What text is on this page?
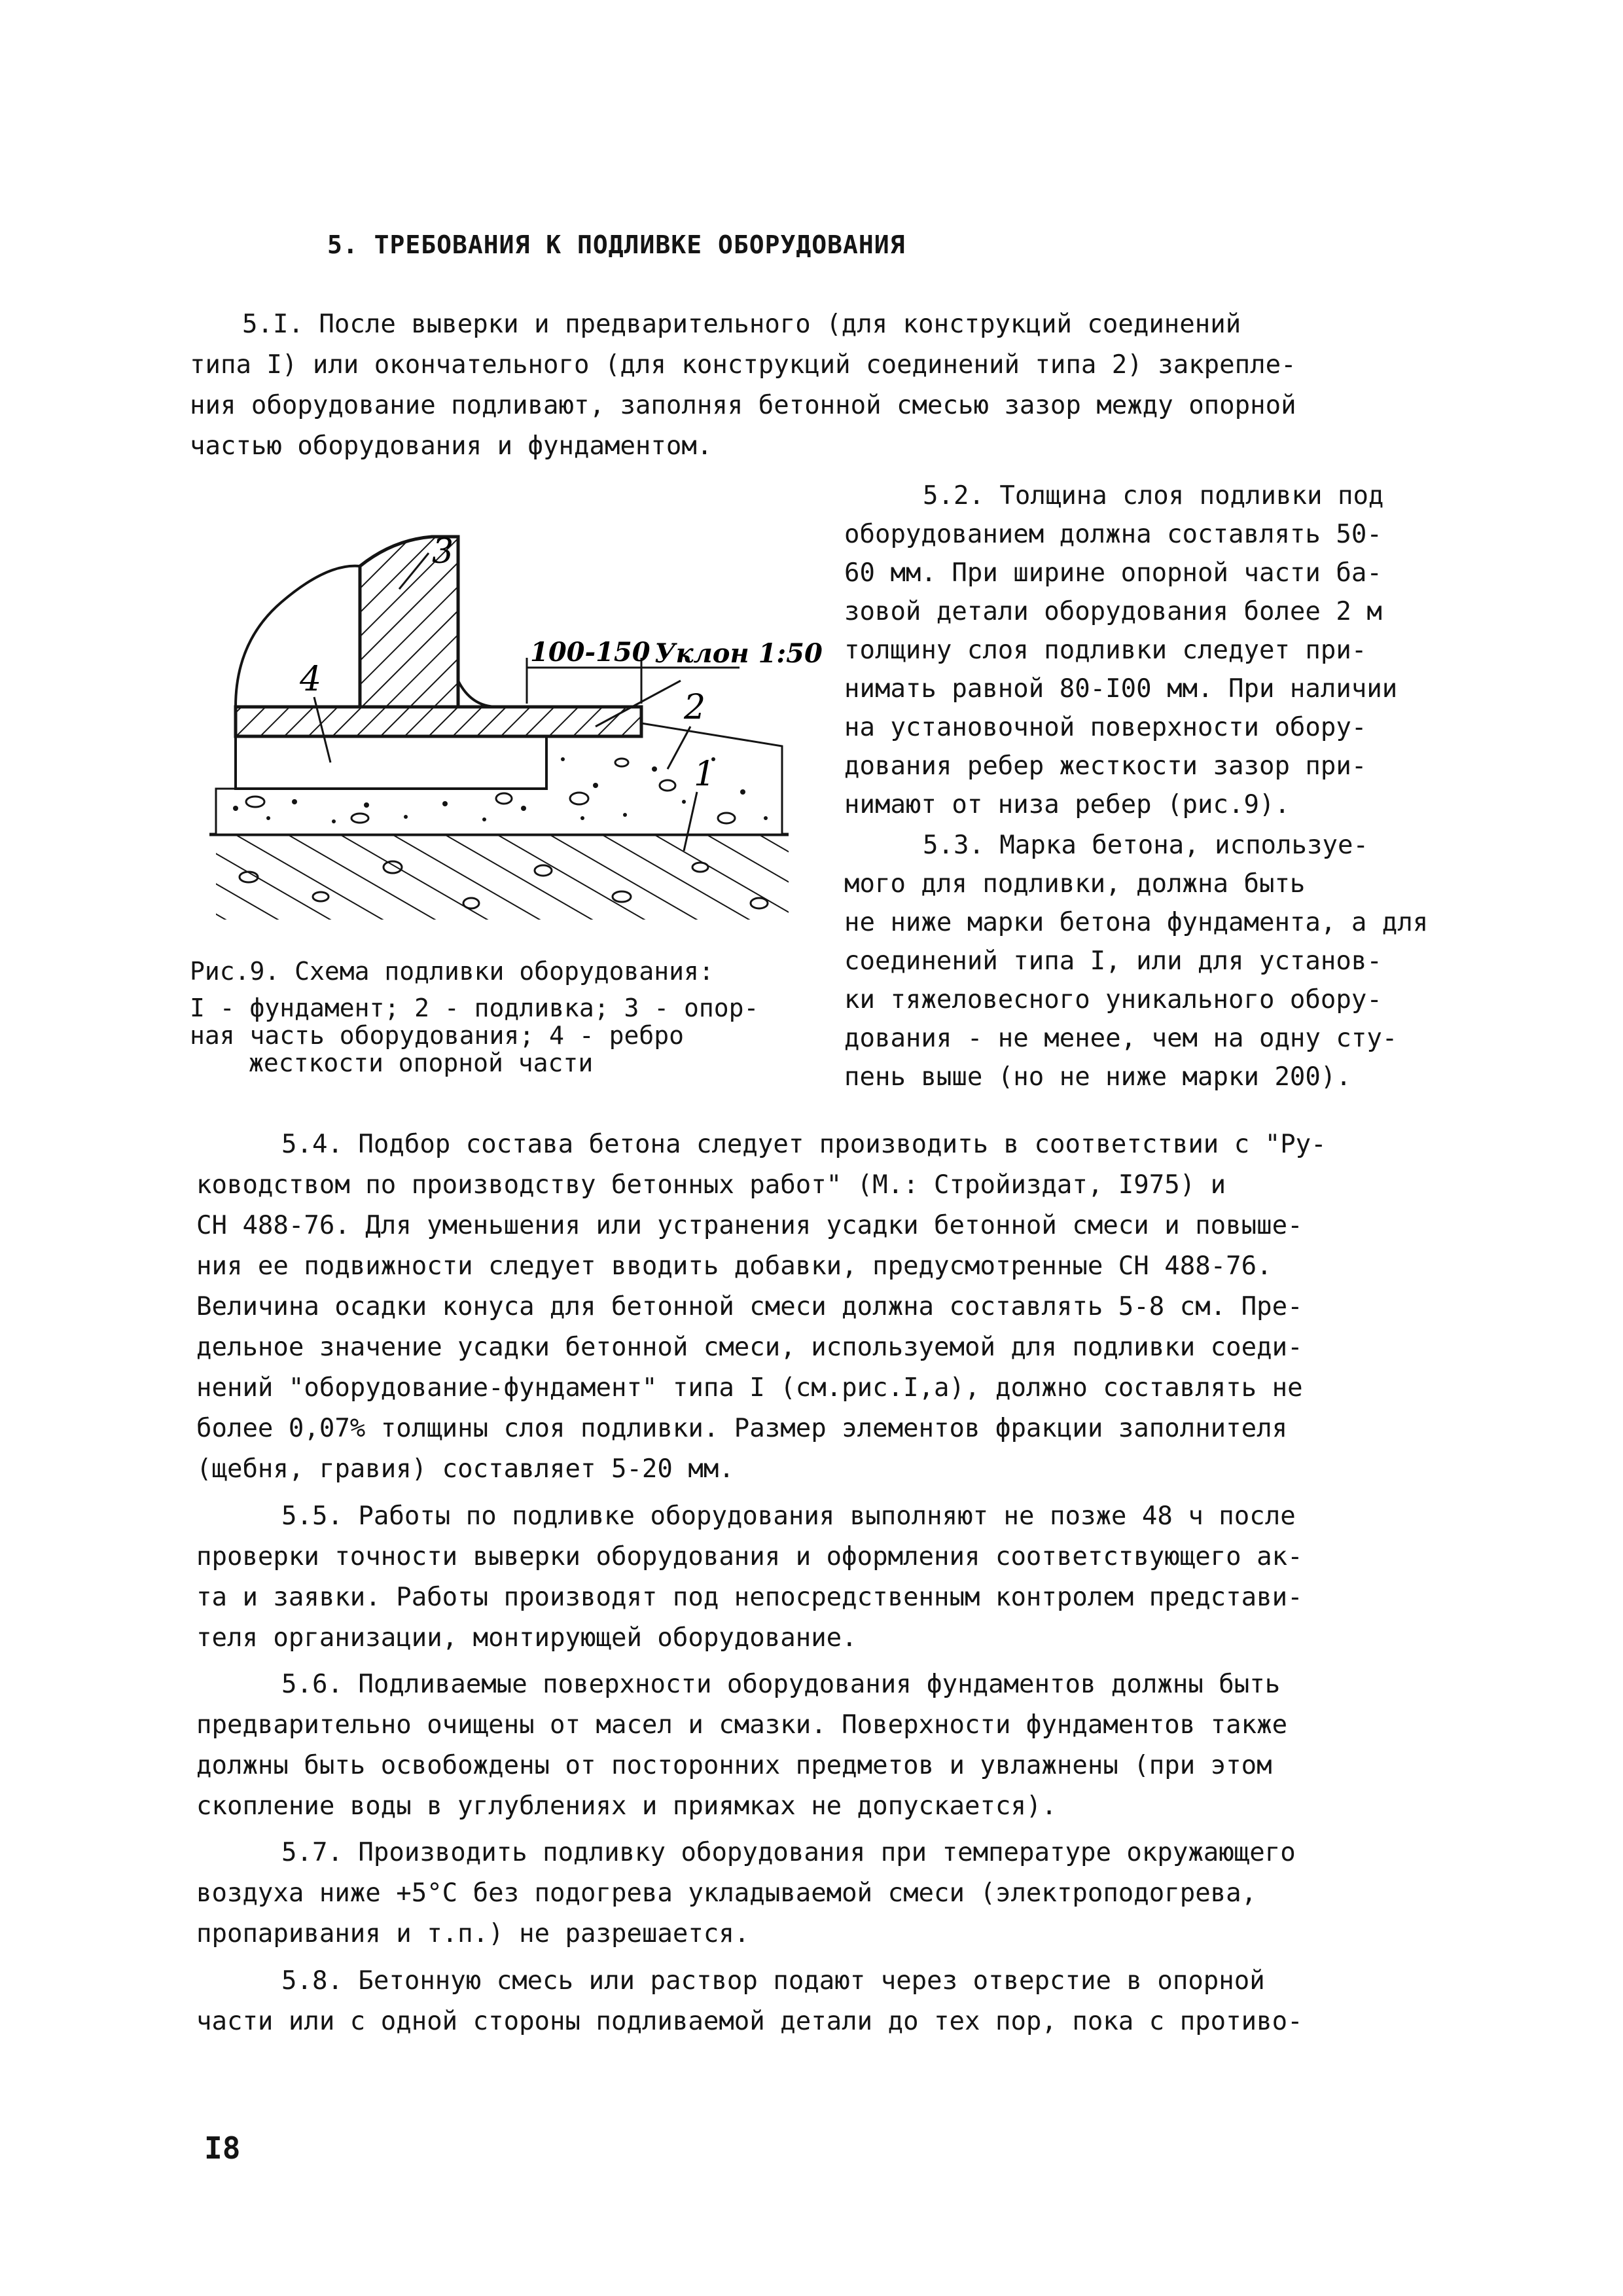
5. ТРЕБОВАНИЯ К ПОДЛИВКЕ ОБОРУДОВАНИЯ
5.I. После выверки и предварительного (для конструкций соединений
типа I) или окончательного (для конструкций соединений типа 2) закрепле-
ния оборудование подливают, заполняя бетонной смесью зазор между опорной
частью оборудования и фундаментом.
5.2. Толщина слоя подливки под
оборудованием должна составлять 50-
60 мм. При ширине опорной части ба-
зовой детали оборудования более 2 м
толщину слоя подливки следует при-
нимать равной 80-I00 мм. При наличии
на установочной поверхности обору-
дования ребер жесткости зазор при-
нимают от низа ребер (рис.9).
5.3. Марка бетона, используе-
мого для подливки, должна быть
не ниже марки бетона фундамента, а для
соединений типа I, или для установ-
ки тяжеловесного уникального обору-
дования - не менее, чем на одну сту-
пень выше (но не ниже марки 200).
100-150 Уклон 1:50
3
4
2
1
Рис.9. Схема подливки оборудования:
I - фундамент; 2 - подливка; 3 - опор-
ная часть оборудования; 4 - ребро
жесткости опорной части
5.4. Подбор состава бетона следует производить в соответствии с "Ру-
ководством по производству бетонных работ" (М.: Стройиздат, I975) и
СН 488-76. Для уменьшения или устранения усадки бетонной смеси и повыше-
ния ее подвижности следует вводить добавки, предусмотренные СН 488-76.
Величина осадки конуса для бетонной смеси должна составлять 5-8 см. Пре-
дельное значение усадки бетонной смеси, используемой для подливки соеди-
нений "оборудование-фундамент" типа I (см.рис.I,а), должно составлять не
более 0,07% толщины слоя подливки. Размер элементов фракции заполнителя
(щебня, гравия) составляет 5-20 мм.
5.5. Работы по подливке оборудования выполняют не позже 48 ч после
проверки точности выверки оборудования и оформления соответствующего ак-
та и заявки. Работы производят под непосредственным контролем представи-
теля организации, монтирующей оборудование.
5.6. Подливаемые поверхности оборудования фундаментов должны быть
предварительно очищены от масел и смазки. Поверхности фундаментов также
должны быть освобождены от посторонних предметов и увлажнены (при этом
скопление воды в углублениях и приямках не допускается).
5.7. Производить подливку оборудования при температуре окружающего
воздуха ниже +5°С без подогрева укладываемой смеси (электроподогрева,
пропаривания и т.п.) не разрешается.
5.8. Бетонную смесь или раствор подают через отверстие в опорной
части или с одной стороны подливаемой детали до тех пор, пока с противо-
I8
